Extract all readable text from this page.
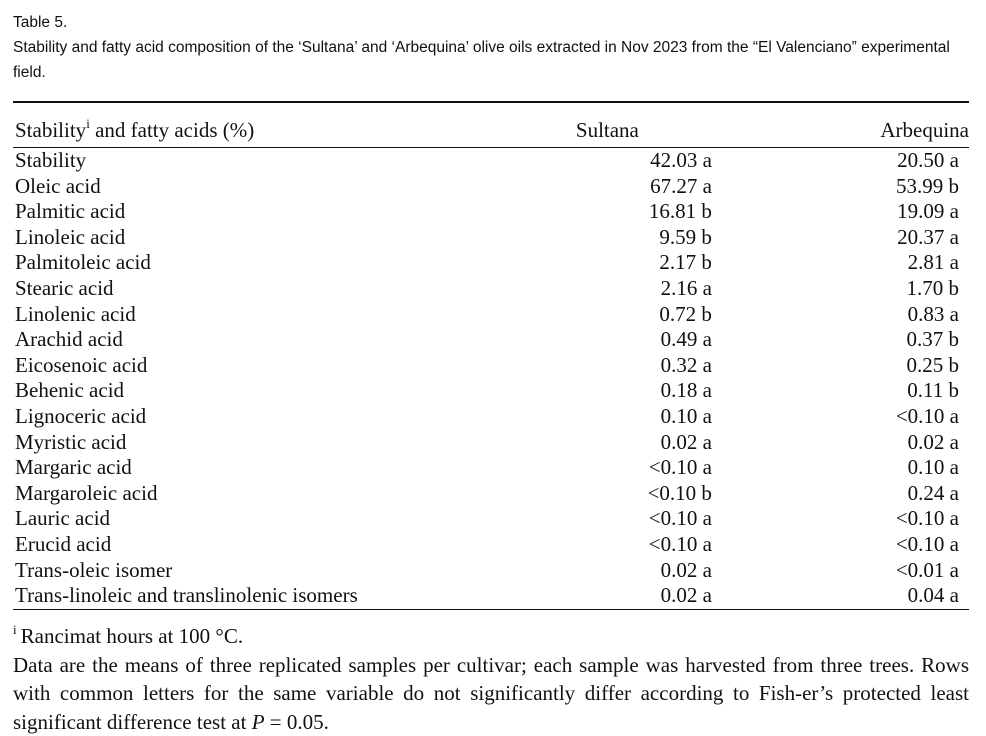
Table 5.
Stability and fatty acid composition of the ‘Sultana’ and ‘Arbequina’ olive oils extracted in Nov 2023 from the “El Valenciano” experimental field.
Stability$^i$ and fatty acids (%)	Sultana	Arbequina

Stability	42.03 a	20.50 a
Oleic acid	67.27 a	53.99 b
Palmitic acid	16.81 b	19.09 a
Linoleic acid	9.59 b	20.37 a
Palmitoleic acid	2.17 b	2.81 a
Stearic acid	2.16 a	1.70 b
Linolenic acid	0.72 b	0.83 a
Arachid acid	0.49 a	0.37 b
Eicosenoic acid	0.32 a	0.25 b
Behenic acid	0.18 a	0.11 b
Lignoceric acid	0.10 a	<0.10 a
Myristic acid	0.02 a	0.02 a
Margaric acid	<0.10 a	0.10 a
Margaroleic acid	<0.10 b	0.24 a
Lauric acid	<0.10 a	<0.10 a
Erucid acid	<0.10 a	<0.10 a
Trans-oleic isomer	0.02 a	<0.01 a
Trans-linoleic and translinolenic isomers	0.02 a	0.04 a
$^i$ Rancimat hours at 100 °C.
Data are the means of three replicated samples per cultivar; each sample was harvested from three trees. Rows with common letters for the same variable do not significantly differ according to Fish-er’s protected least significant difference test at P = 0.05.
